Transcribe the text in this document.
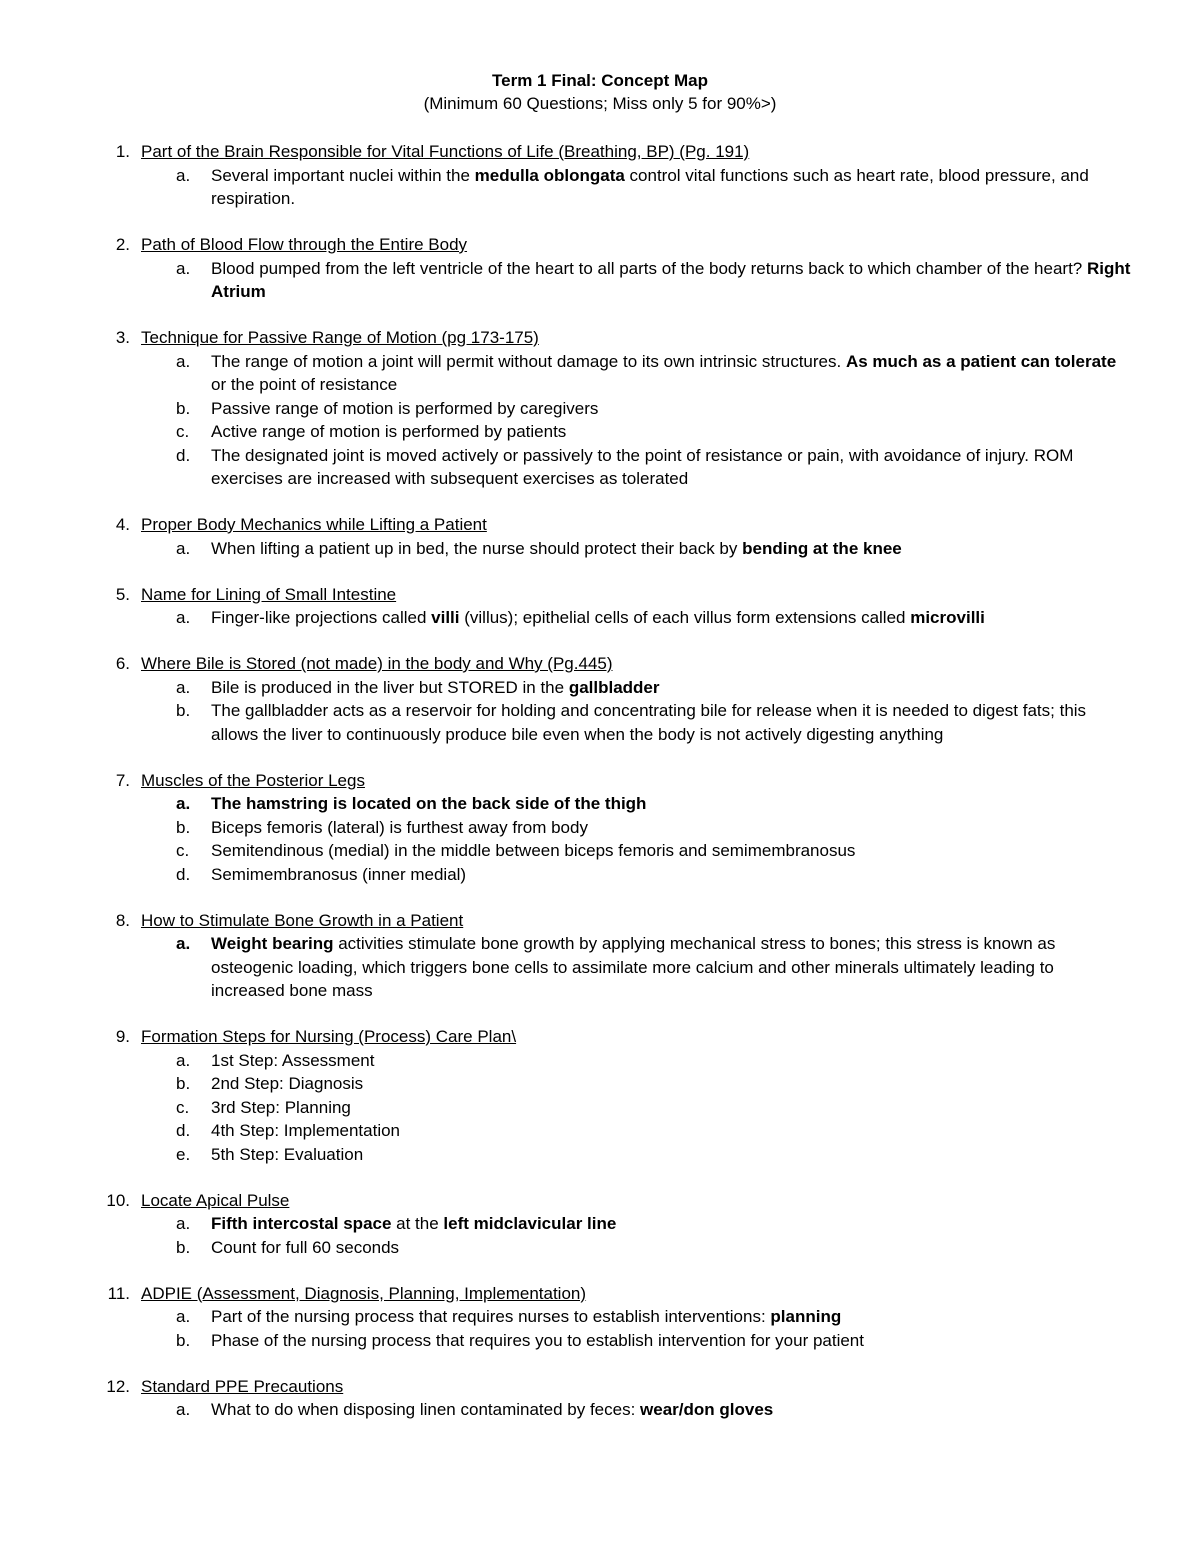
Term 1 Final: Concept Map
(Minimum 60 Questions; Miss only 5 for 90%>)
1. Part of the Brain Responsible for Vital Functions of Life (Breathing, BP) (Pg. 191)
a. Several important nuclei within the medulla oblongata control vital functions such as heart rate, blood pressure, and respiration.
2. Path of Blood Flow through the Entire Body
a. Blood pumped from the left ventricle of the heart to all parts of the body returns back to which chamber of the heart? Right Atrium
3. Technique for Passive Range of Motion (pg 173-175)
a. The range of motion a joint will permit without damage to its own intrinsic structures. As much as a patient can tolerate or the point of resistance
b. Passive range of motion is performed by caregivers
c. Active range of motion is performed by patients
d. The designated joint is moved actively or passively to the point of resistance or pain, with avoidance of injury. ROM exercises are increased with subsequent exercises as tolerated
4. Proper Body Mechanics while Lifting a Patient
a. When lifting a patient up in bed, the nurse should protect their back by bending at the knee
5. Name for Lining of Small Intestine
a. Finger-like projections called villi (villus); epithelial cells of each villus form extensions called microvilli
6. Where Bile is Stored (not made) in the body and Why (Pg.445)
a. Bile is produced in the liver but STORED in the gallbladder
b. The gallbladder acts as a reservoir for holding and concentrating bile for release when it is needed to digest fats; this allows the liver to continuously produce bile even when the body is not actively digesting anything
7. Muscles of the Posterior Legs
a. The hamstring is located on the back side of the thigh
b. Biceps femoris (lateral) is furthest away from body
c. Semitendinous (medial) in the middle between biceps femoris and semimembranosus
d. Semimembranosus (inner medial)
8. How to Stimulate Bone Growth in a Patient
a. Weight bearing activities stimulate bone growth by applying mechanical stress to bones; this stress is known as osteogenic loading, which triggers bone cells to assimilate more calcium and other minerals ultimately leading to increased bone mass
9. Formation Steps for Nursing (Process) Care Plan\
a. 1st Step: Assessment
b. 2nd Step: Diagnosis
c. 3rd Step: Planning
d. 4th Step: Implementation
e. 5th Step: Evaluation
10. Locate Apical Pulse
a. Fifth intercostal space at the left midclavicular line
b. Count for full 60 seconds
11. ADPIE (Assessment, Diagnosis, Planning, Implementation)
a. Part of the nursing process that requires nurses to establish interventions: planning
b. Phase of the nursing process that requires you to establish intervention for your patient
12. Standard PPE Precautions
a. What to do when disposing linen contaminated by feces: wear/don gloves
